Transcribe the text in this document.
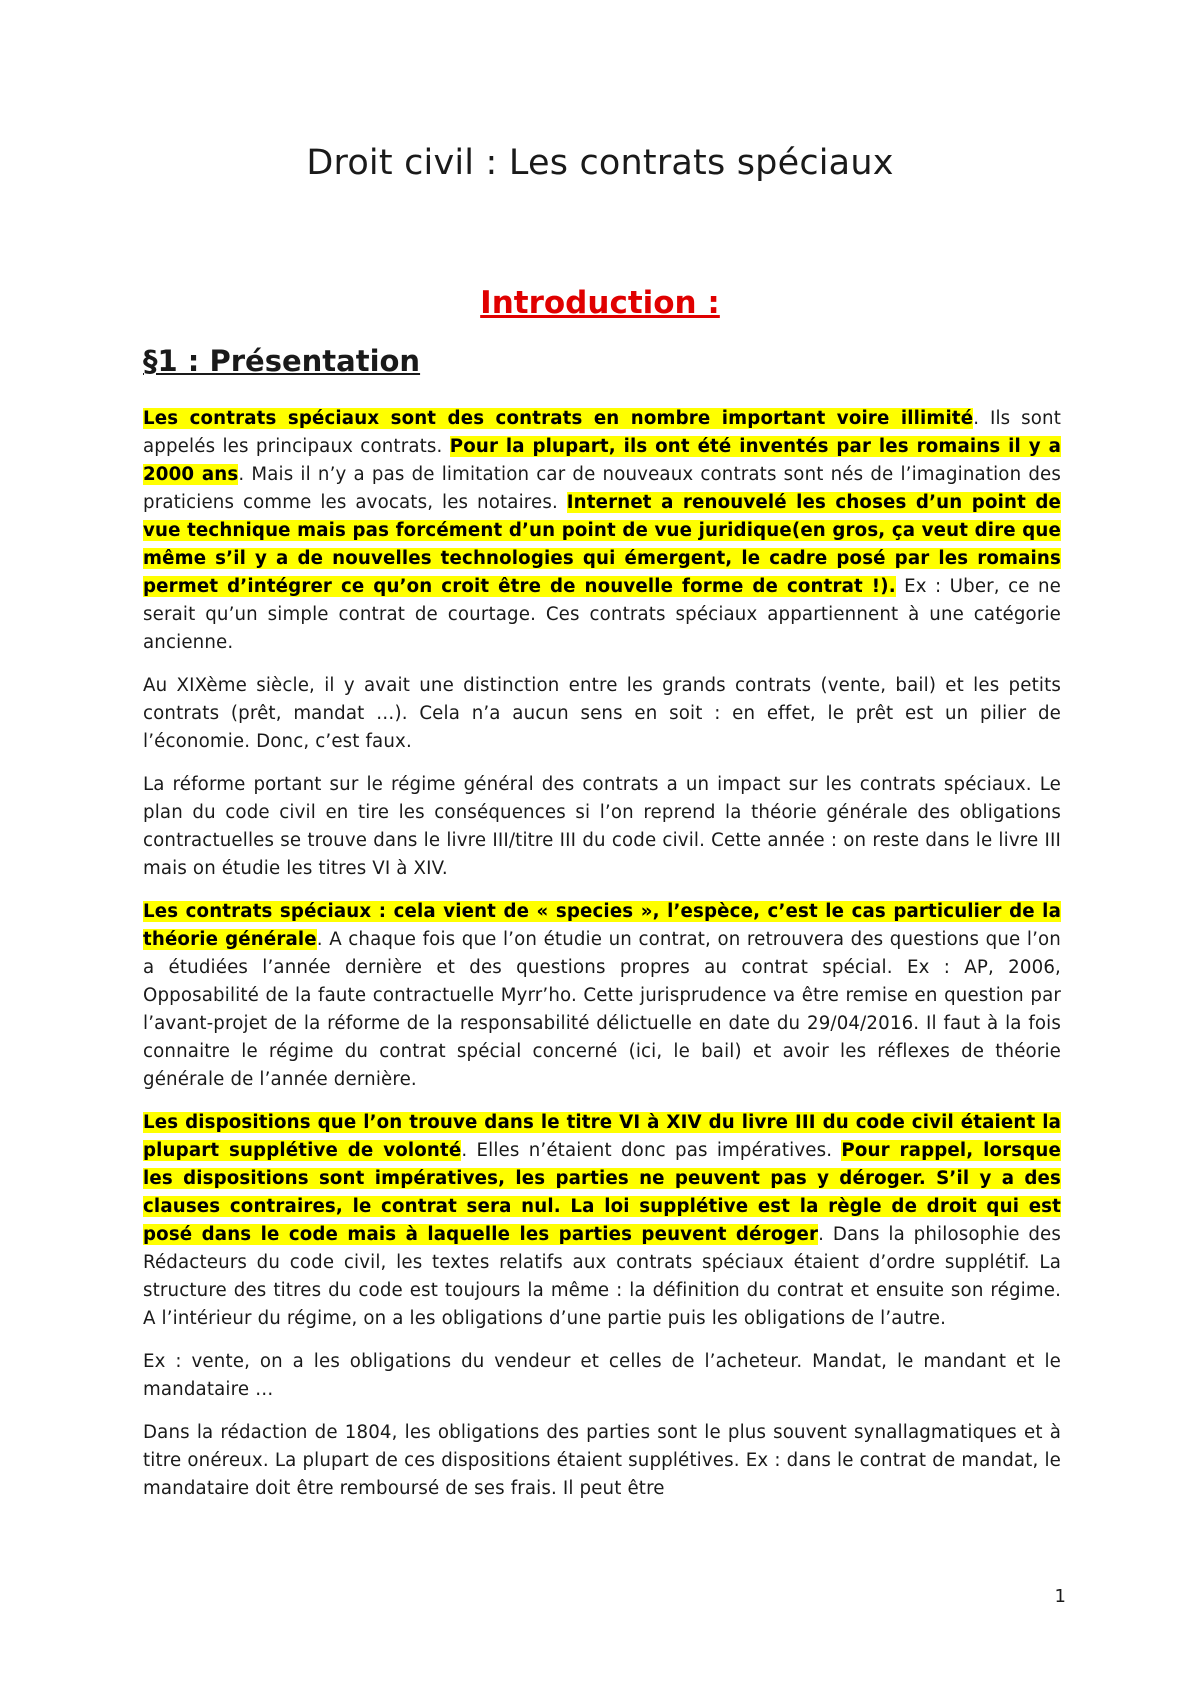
Droit civil : Les contrats spéciaux
Introduction :
§1 : Présentation

Les contrats spéciaux sont des contrats en nombre important voire illimité. Ils sont appelés les principaux contrats. Pour la plupart, ils ont été inventés par les romains il y a 2000 ans. Mais il n’y a pas de limitation car de nouveaux contrats sont nés de l’imagination des praticiens comme les avocats, les notaires. Internet a renouvelé les choses d’un point de vue technique mais pas forcément d’un point de vue juridique(en gros, ça veut dire que même s’il y a de nouvelles technologies qui émergent, le cadre posé par les romains permet d’intégrer ce qu’on croit être de nouvelle forme de contrat !). Ex : Uber, ce ne serait qu’un simple contrat de courtage. Ces contrats spéciaux appartiennent à une catégorie ancienne.

Au XIXème siècle, il y avait une distinction entre les grands contrats (vente, bail) et les petits contrats (prêt, mandat …). Cela n’a aucun sens en soit : en effet, le prêt est un pilier de l’économie. Donc, c’est faux.

La réforme portant sur le régime général des contrats a un impact sur les contrats spéciaux. Le plan du code civil en tire les conséquences si l’on reprend la théorie générale des obligations contractuelles se trouve dans le livre III/titre III du code civil. Cette année : on reste dans le livre III mais on étudie les titres VI à XIV.

Les contrats spéciaux : cela vient de « species », l’espèce, c’est le cas particulier de la théorie générale. A chaque fois que l’on étudie un contrat, on retrouvera des questions que l’on a étudiées l’année dernière et des questions propres au contrat spécial. Ex : AP, 2006, Opposabilité de la faute contractuelle Myrr’ho. Cette jurisprudence va être remise en question par l’avant-projet de la réforme de la responsabilité délictuelle en date du 29/04/2016. Il faut à la fois connaitre le régime du contrat spécial concerné (ici, le bail) et avoir les réflexes de théorie générale de l’année dernière.

Les dispositions que l’on trouve dans le titre VI à XIV du livre III du code civil étaient la plupart supplétive de volonté. Elles n’étaient donc pas impératives. Pour rappel, lorsque les dispositions sont impératives, les parties ne peuvent pas y déroger. S’il y a des clauses contraires, le contrat sera nul. La loi supplétive est la règle de droit qui est posé dans le code mais à laquelle les parties peuvent déroger. Dans la philosophie des Rédacteurs du code civil, les textes relatifs aux contrats spéciaux étaient d’ordre supplétif. La structure des titres du code est toujours la même : la définition du contrat et ensuite son régime. A l’intérieur du régime, on a les obligations d’une partie puis les obligations de l’autre.

Ex : vente, on a les obligations du vendeur et celles de l’acheteur. Mandat, le mandant et le mandataire …

Dans la rédaction de 1804, les obligations des parties sont le plus souvent synallagmatiques et à titre onéreux. La plupart de ces dispositions étaient supplétives. Ex : dans le contrat de mandat, le mandataire doit être remboursé de ses frais. Il peut être

1
